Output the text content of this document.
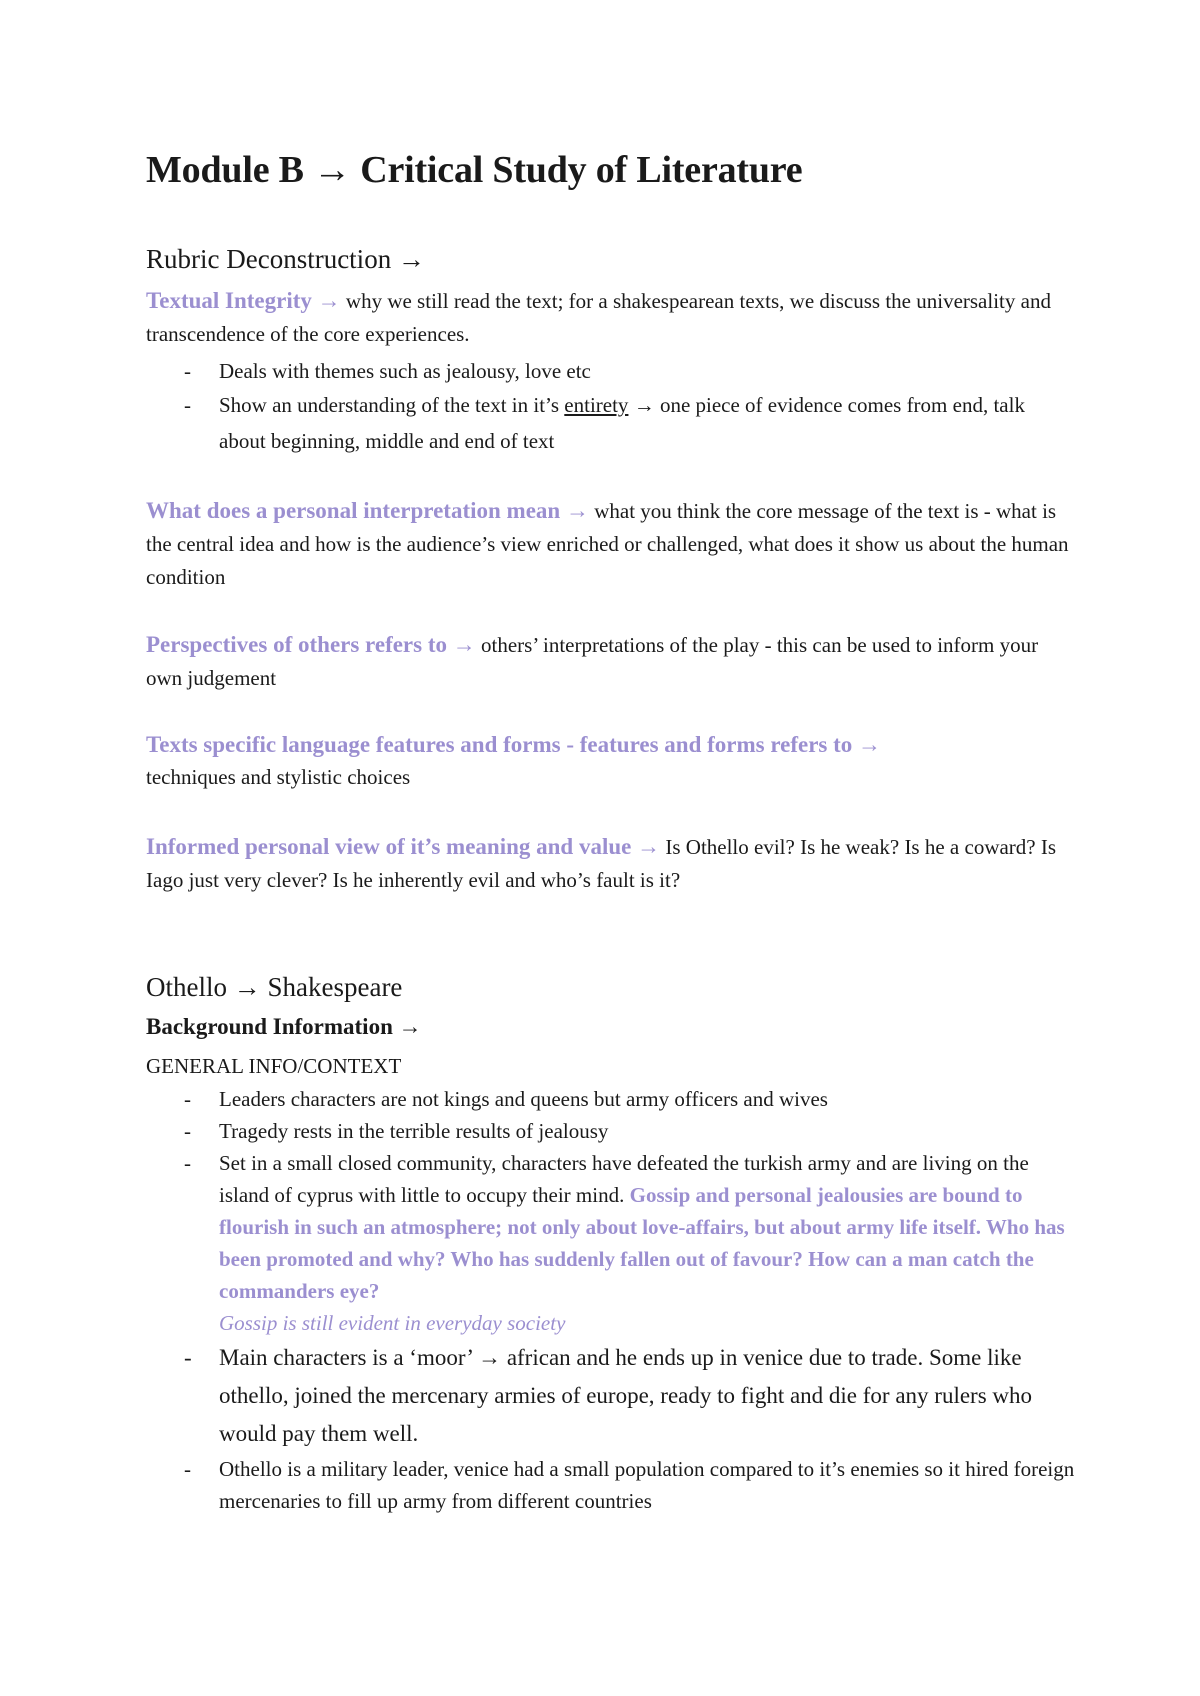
Module B → Critical Study of Literature
Rubric Deconstruction →
Textual Integrity → why we still read the text; for a shakespearean texts, we discuss the universality and transcendence of the core experiences.
- Deals with themes such as jealousy, love etc
- Show an understanding of the text in it’s entirety → one piece of evidence comes from end, talk about beginning, middle and end of text
What does a personal interpretation mean → what you think the core message of the text is - what is the central idea and how is the audience’s view enriched or challenged, what does it show us about the human condition
Perspectives of others refers to → others’ interpretations of the play - this can be used to inform your own judgement
Texts specific language features and forms - features and forms refers to →
techniques and stylistic choices
Informed personal view of it’s meaning and value → Is Othello evil? Is he weak? Is he a coward? Is Iago just very clever? Is he inherently evil and who’s fault is it?
Othello → Shakespeare
Background Information →
GENERAL INFO/CONTEXT
- Leaders characters are not kings and queens but army officers and wives
- Tragedy rests in the terrible results of jealousy
- Set in a small closed community, characters have defeated the turkish army and are living on the island of cyprus with little to occupy their mind. Gossip and personal jealousies are bound to flourish in such an atmosphere; not only about love-affairs, but about army life itself. Who has been promoted and why? Who has suddenly fallen out of favour? How can a man catch the commanders eye?
Gossip is still evident in everyday society
- Main characters is a ‘moor’ → african and he ends up in venice due to trade. Some like othello, joined the mercenary armies of europe, ready to fight and die for any rulers who would pay them well.
- Othello is a military leader, venice had a small population compared to it’s enemies so it hired foreign mercenaries to fill up army from different countries
